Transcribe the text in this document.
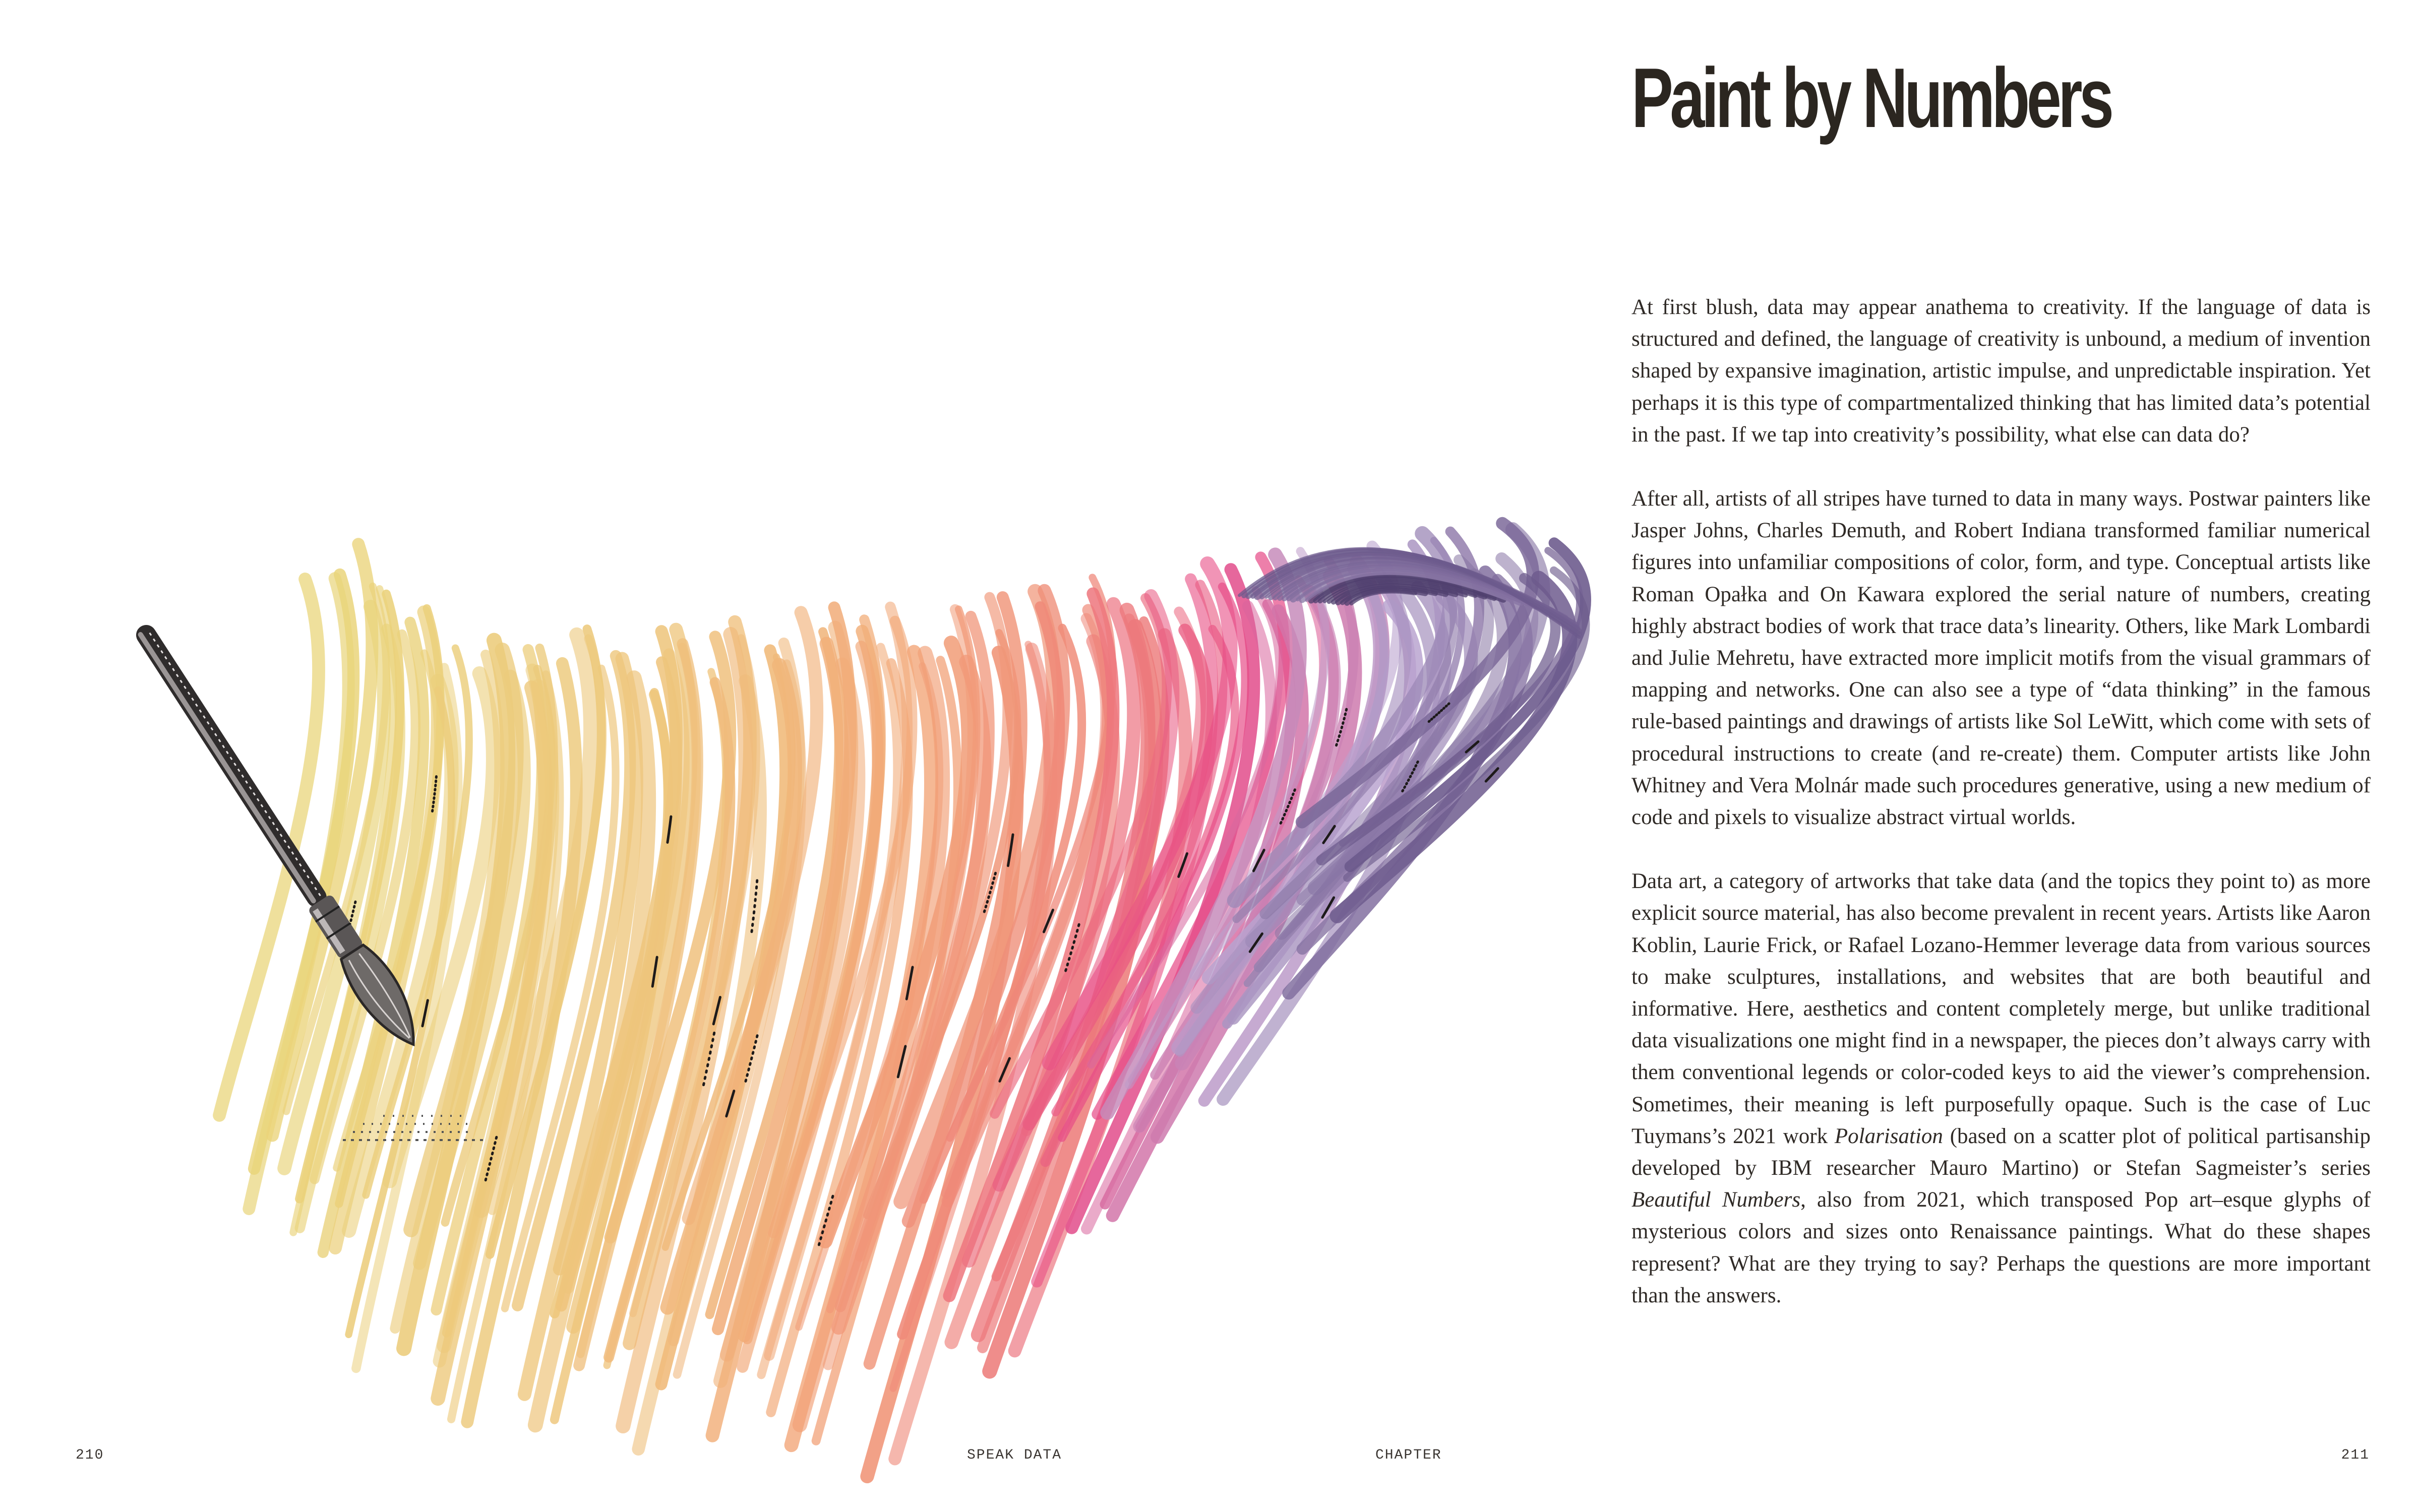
Paint by Numbers

At first blush, data may appear anathema to creativity. If the language of data is structured and defined, the language of creativity is unbound, a medium of invention shaped by expansive imagination, artistic impulse, and unpredictable inspiration. Yet perhaps it is this type of compartmentalized thinking that has limited data’s potential in the past. If we tap into creativity’s possibility, what else can data do?

After all, artists of all stripes have turned to data in many ways. Postwar painters like Jasper Johns, Charles Demuth, and Robert Indiana transformed familiar numerical figures into unfamiliar compositions of color, form, and type. Conceptual artists like Roman Opałka and On Kawara explored the serial nature of numbers, creating highly abstract bodies of work that trace data’s linearity. Others, like Mark Lombardi and Julie Mehretu, have extracted more implicit motifs from the visual grammars of mapping and networks. One can also see a type of “data thinking” in the famous rule-based paintings and drawings of artists like Sol LeWitt, which come with sets of procedural instructions to create (and re-create) them. Computer artists like John Whitney and Vera Molnár made such procedures generative, using a new medium of code and pixels to visualize abstract virtual worlds.

Data art, a category of artworks that take data (and the topics they point to) as more explicit source material, has also become prevalent in recent years. Artists like Aaron Koblin, Laurie Frick, or Rafael Lozano-Hemmer leverage data from various sources to make sculptures, installations, and websites that are both beautiful and informative. Here, aesthetics and content completely merge, but unlike traditional data visualizations one might find in a newspaper, the pieces don’t always carry with them conventional legends or color-coded keys to aid the viewer’s comprehension. Sometimes, their meaning is left purposefully opaque. Such is the case of Luc Tuymans’s 2021 work Polarisation (based on a scatter plot of political partisanship developed by IBM researcher Mauro Martino) or Stefan Sagmeister’s series Beautiful Numbers, also from 2021, which transposed Pop art–esque glyphs of mysterious colors and sizes onto Renaissance paintings. What do these shapes represent? What are they trying to say? Perhaps the questions are more important than the answers.

210	SPEAK DATA	CHAPTER	211
